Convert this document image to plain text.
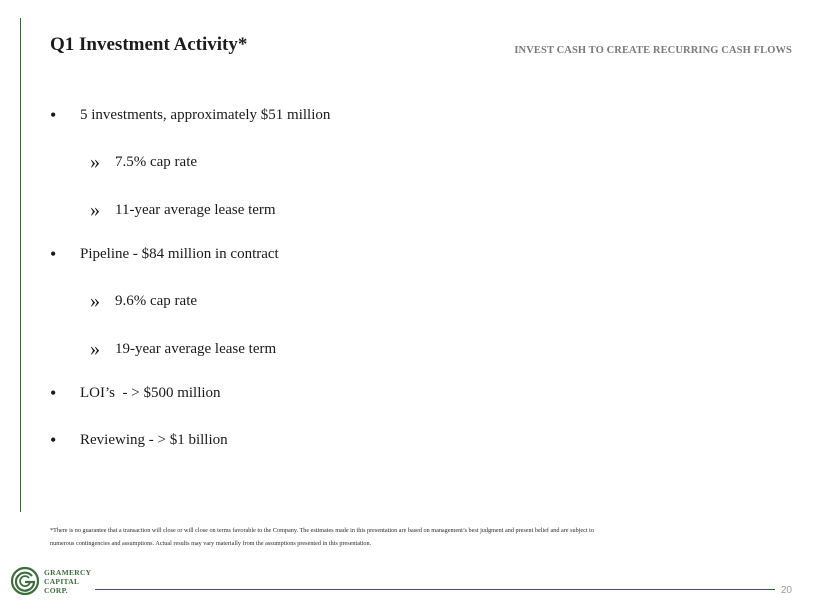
Q1 Investment Activity*	INVEST CASH TO CREATE RECURRING CASH FLOWS
•	5 investments, approximately $51 million
»	7.5% cap rate
»	11-year average lease term
•	Pipeline - $84 million in contract
»	9.6% cap rate
»	19-year average lease term
•	LOI’s  - > $500 million
•	Reviewing - > $1 billion
*There is no guarantee that a transaction will close or will close on terms favorable to the Company. The estimates made in this presentation are based on management’s best judgment and present belief and are subject to
numerous contingencies and assumptions. Actual results may vary materially from the assumptions presented in this presentation.
GRAMERCY
CAPITAL
CORP.	20
